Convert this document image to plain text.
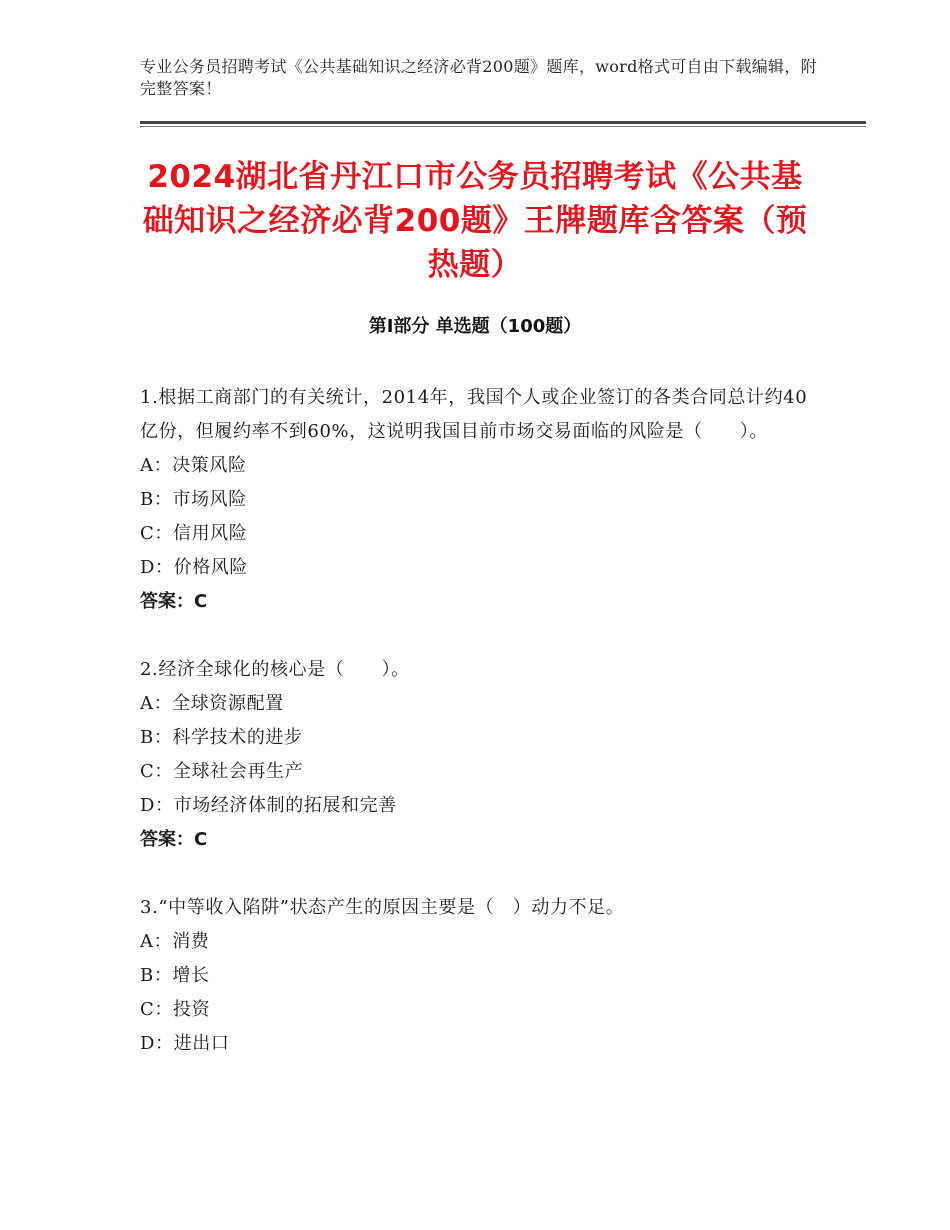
专业公务员招聘考试《公共基础知识之经济必背200题》题库，word格式可自由下载编辑，附完整答案！
2024湖北省丹江口市公务员招聘考试《公共基础知识之经济必背200题》王牌题库含答案（预热题）
第Ⅰ部分 单选题（100题）
1.根据工商部门的有关统计，2014年，我国个人或企业签订的各类合同总计约40亿份，但履约率不到60%，这说明我国目前市场交易面临的风险是（　　）。
A：决策风险
B：市场风险
C：信用风险
D：价格风险
答案：C
2.经济全球化的核心是（　　）。
A：全球资源配置
B：科学技术的进步
C：全球社会再生产
D：市场经济体制的拓展和完善
答案：C
3.“中等收入陷阱”状态产生的原因主要是（　）动力不足。
A：消费
B：增长
C：投资
D：进出口
